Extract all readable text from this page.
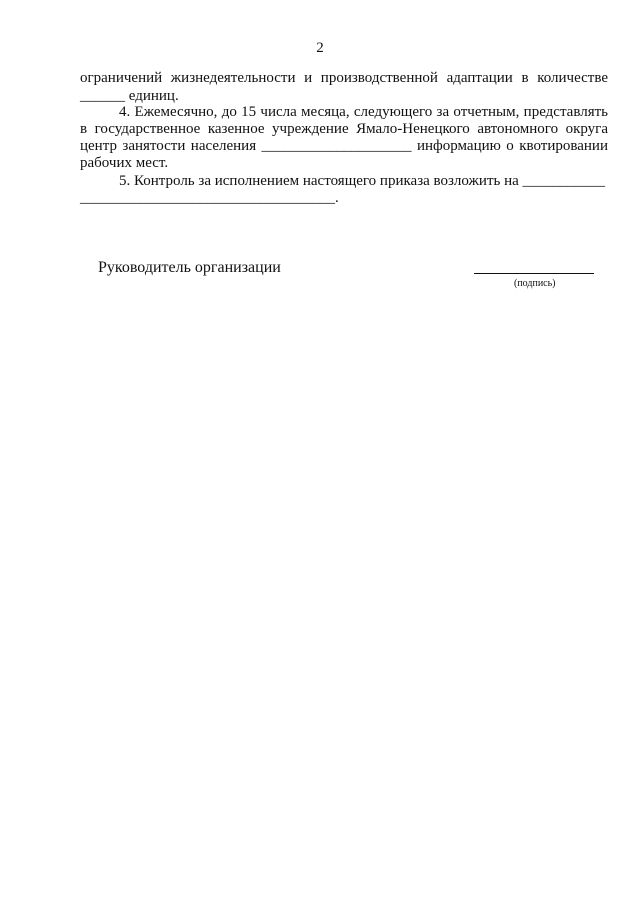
2
ограничений жизнедеятельности и производственной адаптации в количестве
______ единиц.
4. Ежемесячно, до 15 числа месяца, следующего за отчетным, представлять
в государственное казенное учреждение Ямало-Ненецкого автономного округа
центр занятости населения ____________________ информацию о квотировании
рабочих мест.
5. Контроль за исполнением настоящего приказа возложить на ___________
__________________________________.
Руководитель организации
(подпись)
